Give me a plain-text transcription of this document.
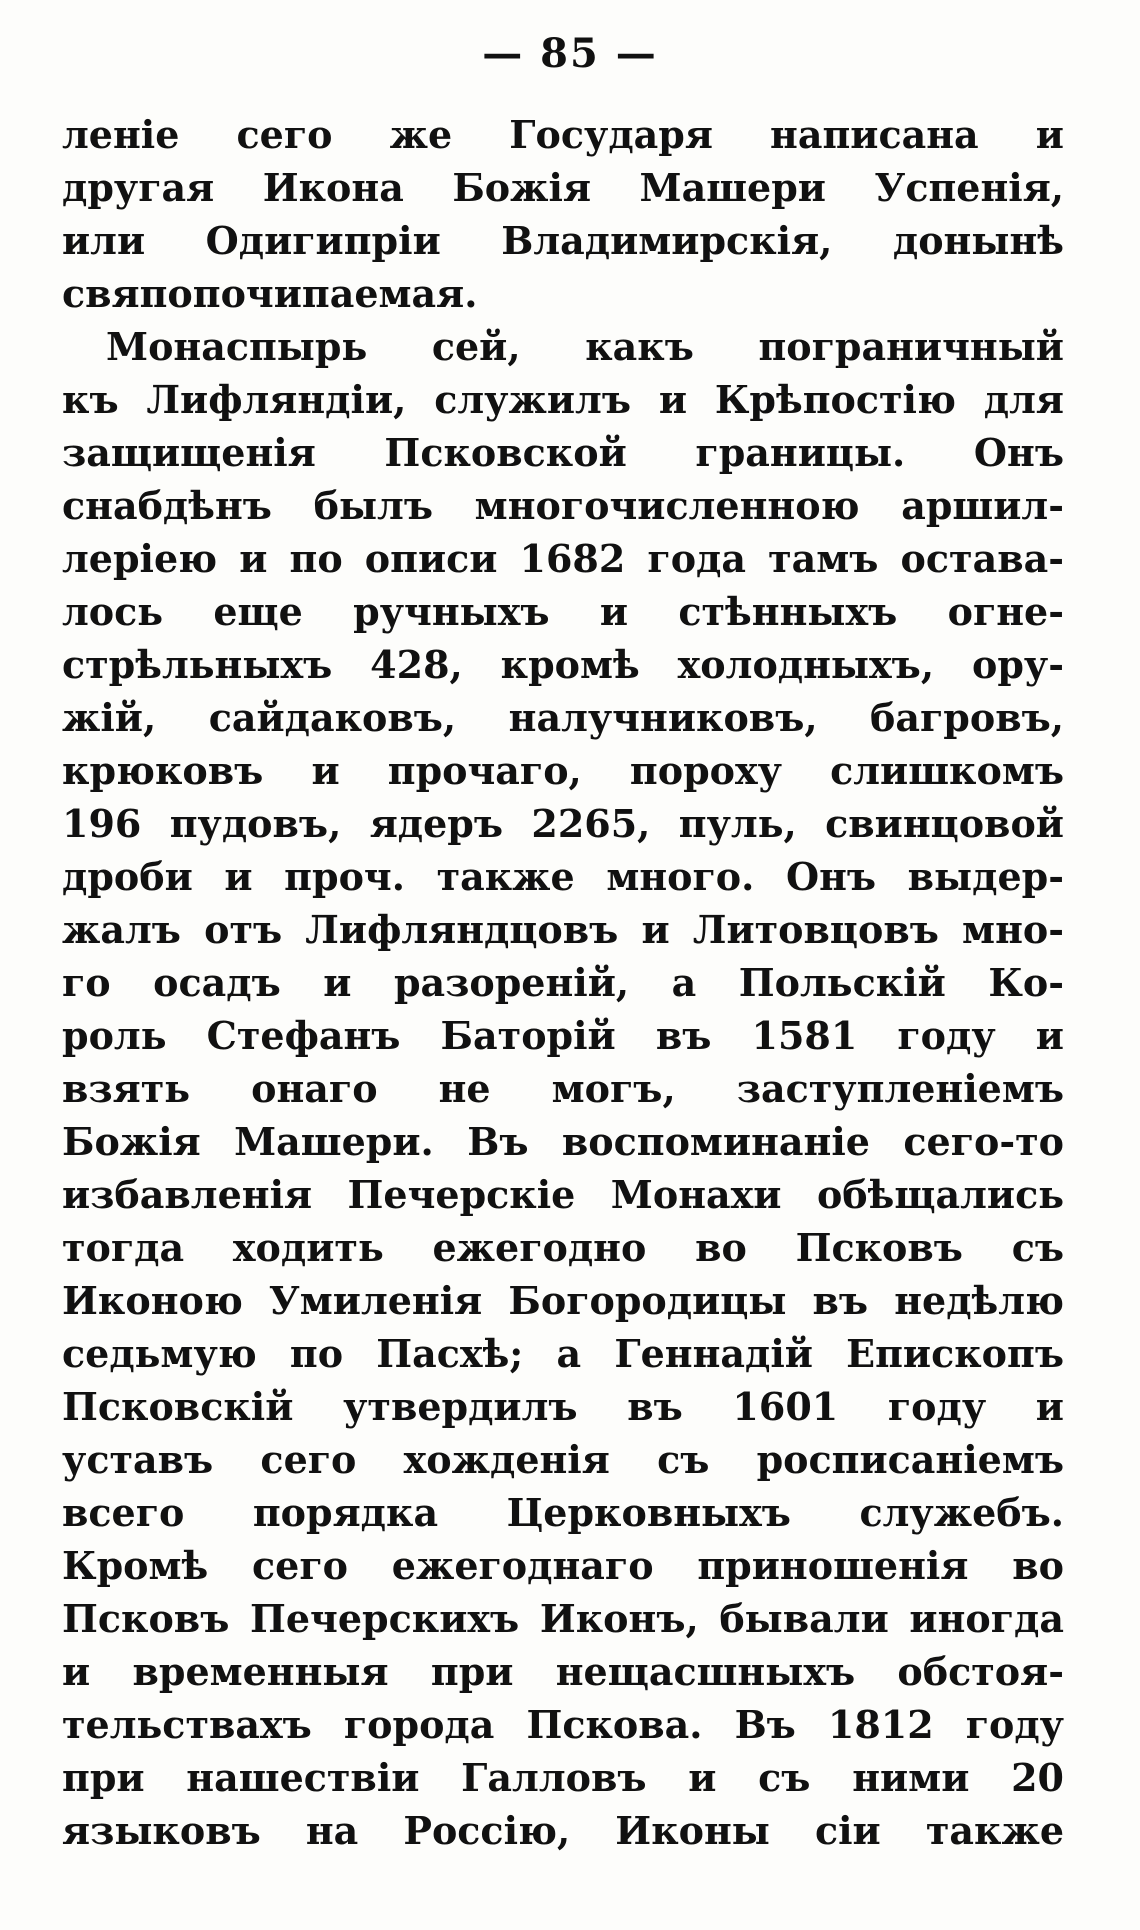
— 85 —
леніе сего же Государя написана и
другая Икона Божія Машери Успенія,
или Одигипріи Владимирскія, донынѣ
свяпопочипаемая.
Монаспырь сей, какъ пограничный
къ Лифляндіи, служилъ и Крѣпостію для
защищенія Псковской границы. Онъ
снабдѣнъ былъ многочисленною аршил-
леріею и по описи 1682 года тамъ оставa-
лось еще ручныхъ и стѣнныхъ огне-
стрѣльныхъ 428, кромѣ холодныхъ, ору-
жій, сайдаковъ, налучниковъ, багровъ,
крюковъ и прочаго, пороху слишкомъ
196 пудовъ, ядеръ 2265, пуль, свинцовой
дроби и проч. также много. Онъ выдер-
жалъ отъ Лифляндцовъ и Литовцовъ мно-
го осадъ и разореній, а Польскій Ко-
роль Стефанъ Баторій въ 1581 году и
взять онаго не могъ, заступленіемъ
Божія Машери. Въ воспоминаніе сего-то
избавленія Печерскіе Монахи обѣщались
тогда ходить ежегодно во Псковъ съ
Иконою Умиленія Богородицы въ недѣлю
седьмую по Пасхѣ; а Геннадій Епископъ
Псковскій утвердилъ въ 1601 году и
уставъ сего хожденія съ росписаніемъ
всего порядка Церковныхъ служебъ.
Кромѣ сего ежегоднаго приношенія во
Псковъ Печерскихъ Иконъ, бывали иногда
и временныя при нещасшныхъ обстоя-
тельствахъ города Пскова. Въ 1812 году
при нашествіи Галловъ и съ ними 20
языковъ на Россію, Иконы сіи также
